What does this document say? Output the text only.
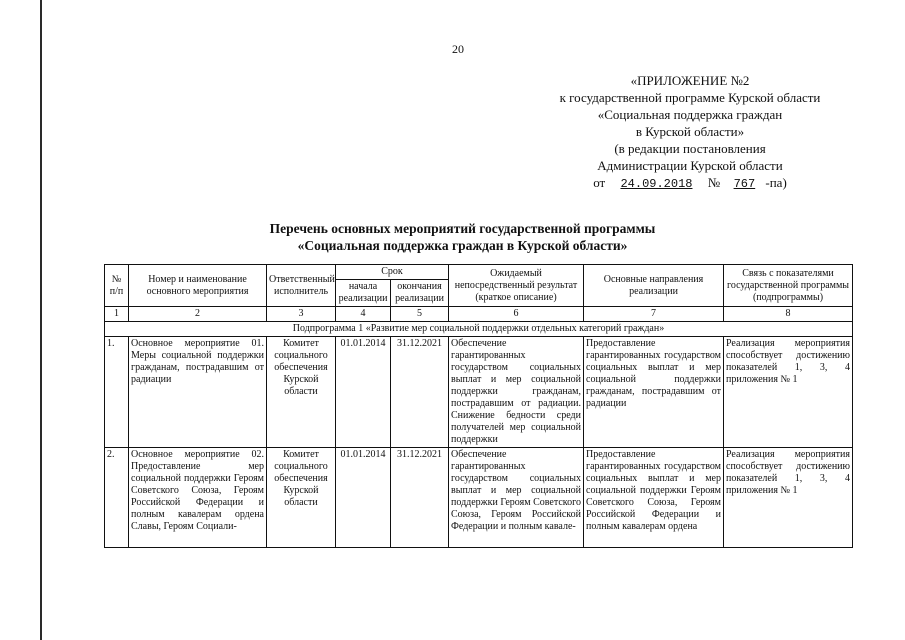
20
«ПРИЛОЖЕНИЕ №2
к государственной программе Курской области
«Социальная поддержка граждан
в Курской области»
(в редакции постановления
Администрации Курской области
от 24.09.2018 № 767 -па)
Перечень основных мероприятий государственной программы
«Социальная поддержка граждан в Курской области»
№ п/п	Номер и наименование основного мероприятия	Ответственный исполнитель	Срок		Ожидаемый непосредственный результат (краткое описание)	Основные направления реализации	Связь с показателями государственной программы (подпрограммы)
			начала реализации	окончания реализации			
1	2	3	4	5	6	7	8
Подпрограмма 1 «Развитие мер социальной поддержки отдельных категорий граждан»							
1.	Основное мероприятие 01. Меры социальной поддержки гражданам, пострадавшим от радиации	Комитет социального обеспечения Курской области	01.01.2014	31.12.2021	Обеспечение гарантированных государством социальных выплат и мер социальной поддержки гражданам, пострадавшим от радиации. Снижение бедности среди получателей мер социальной поддержки	Предоставление гарантированных государством социальных выплат и мер социальной поддержки гражданам, пострадавшим от радиации	Реализация мероприятия способствует достижению показателей 1, 3, 4 приложения № 1
2.	Основное мероприятие 02. Предоставление мер социальной поддержки Героям Советского Союза, Героям Российской Федерации и полным кавалерам ордена Славы, Героям Социали-	Комитет социального обеспечения Курской области	01.01.2014	31.12.2021	Обеспечение гарантированных государством социальных выплат и мер социальной поддержки Героям Советского Союза, Героям Российской Федерации и полным кавале-	Предоставление гарантированных государством социальных выплат и мер социальной поддержки Героям Советского Союза, Героям Российской Федерации и полным кавалерам ордена	Реализация мероприятия способствует достижению показателей 1, 3, 4 приложения № 1
